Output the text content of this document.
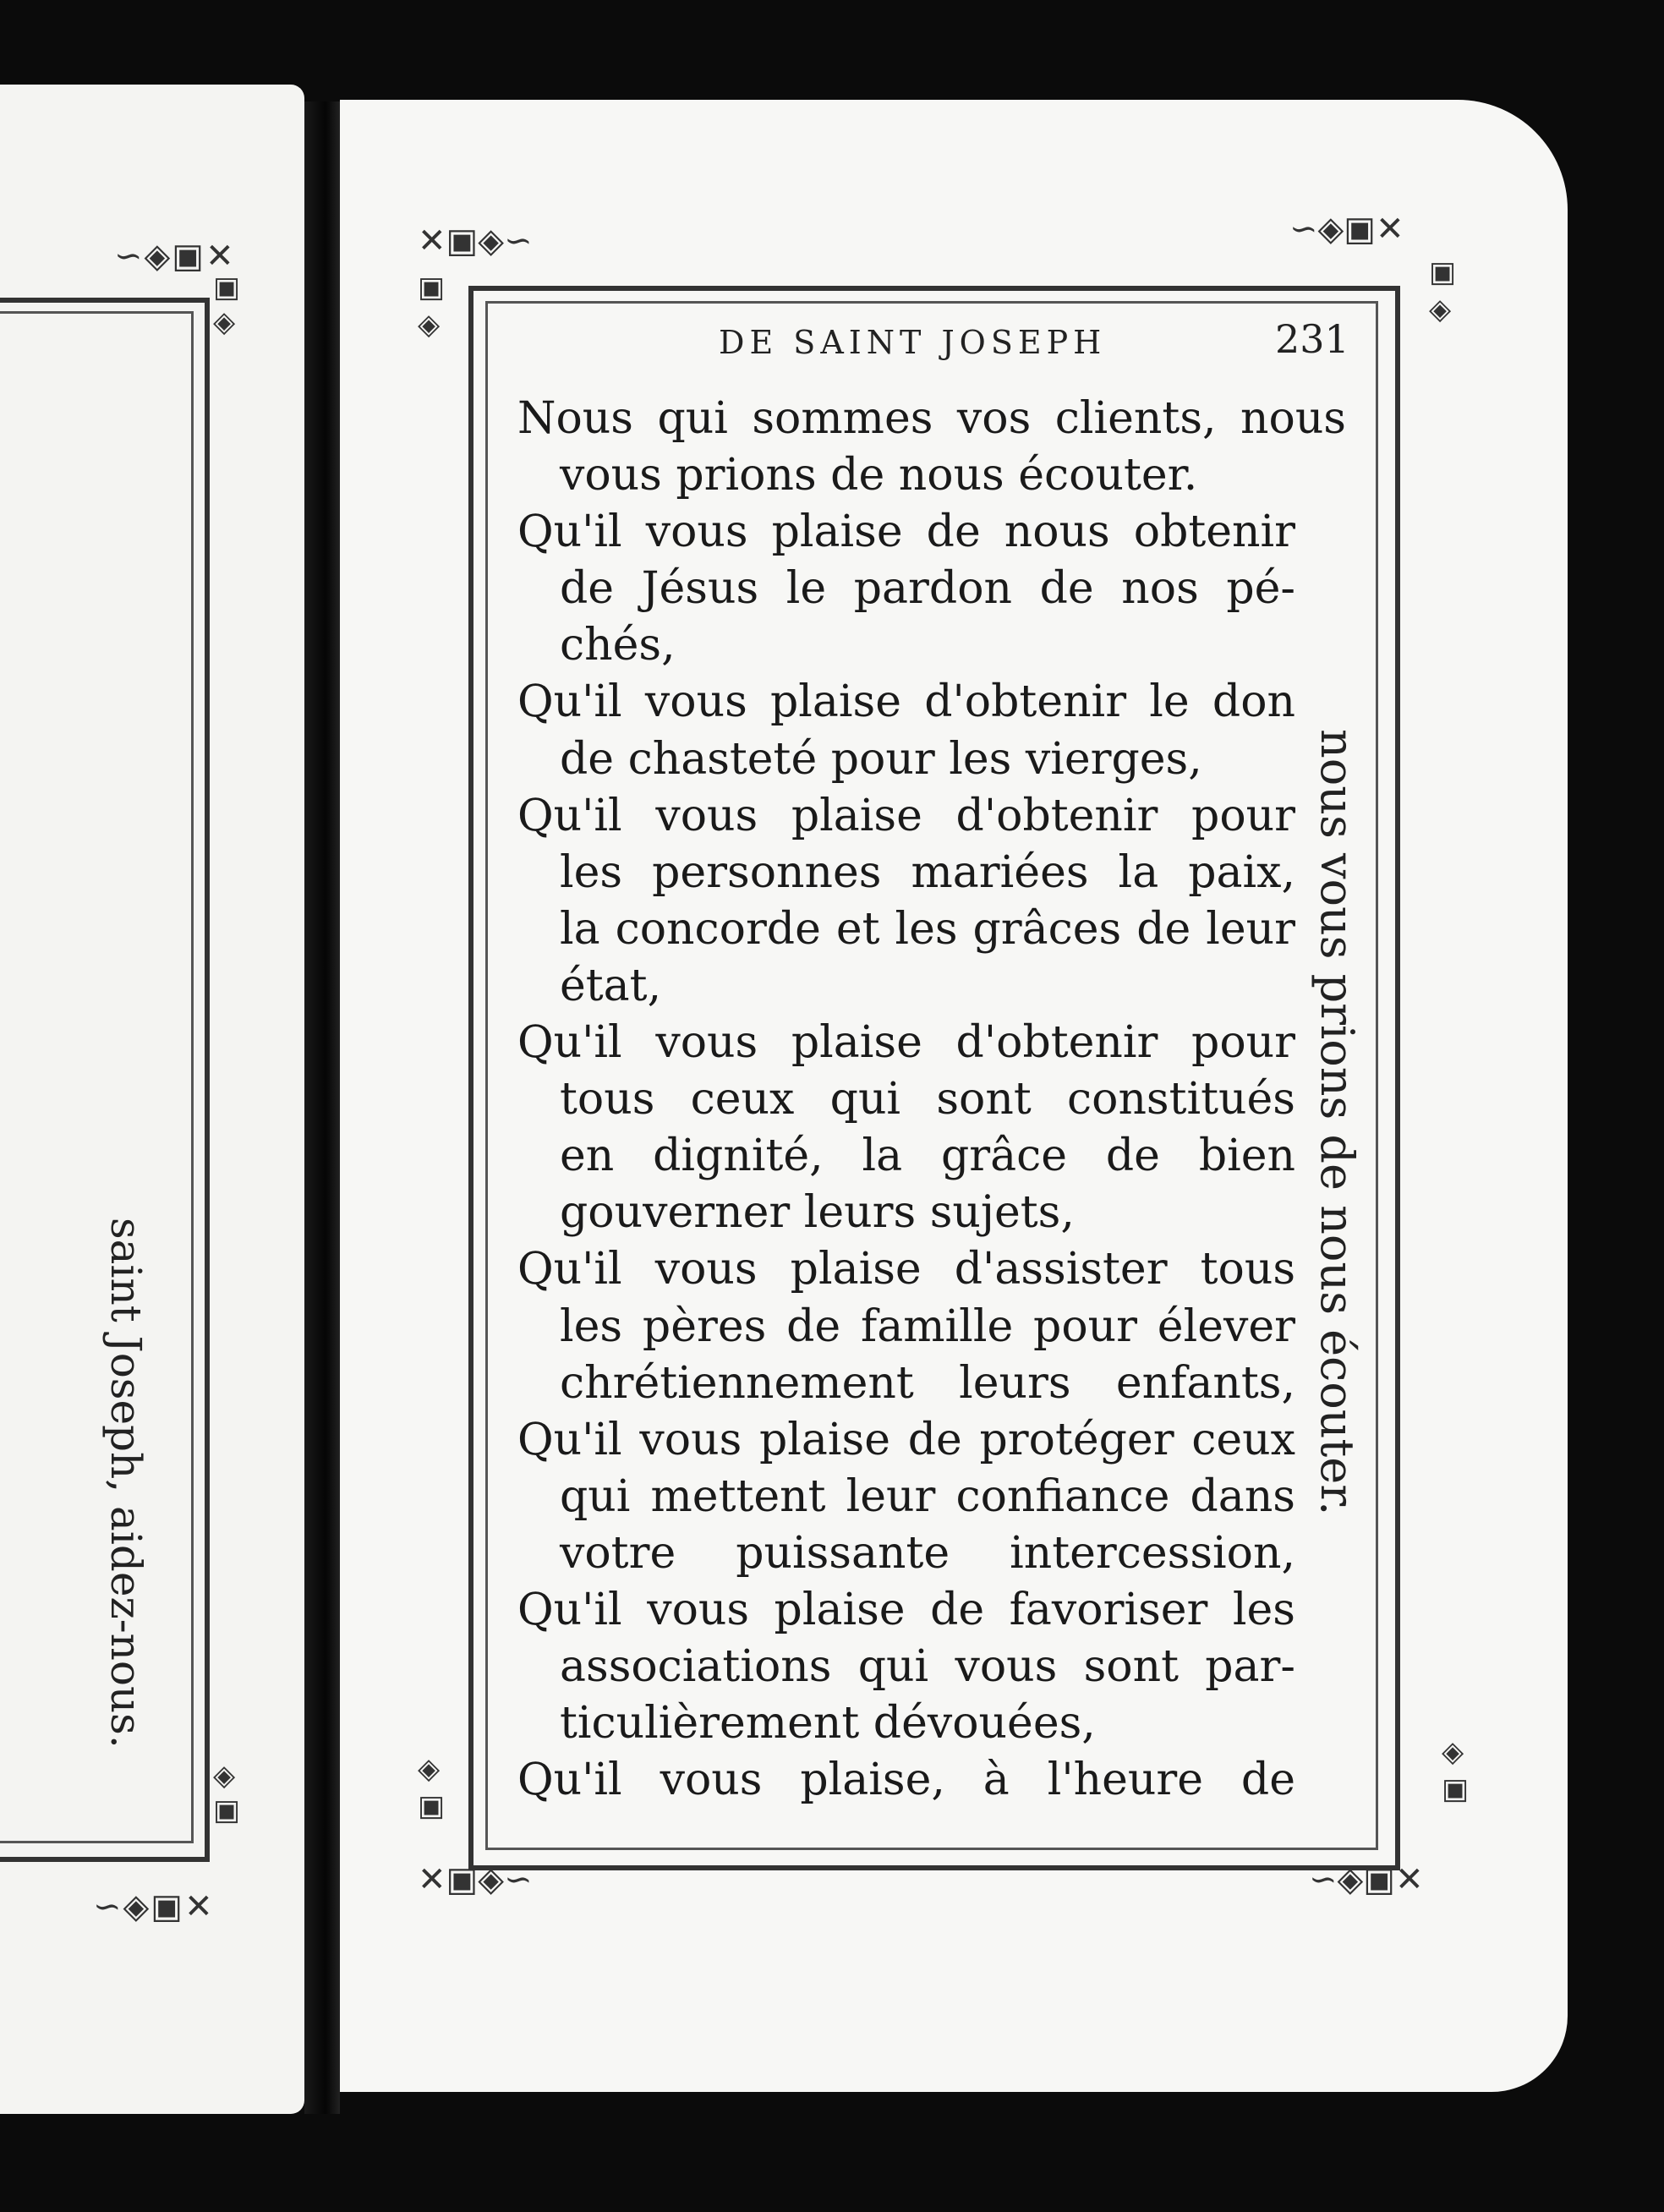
∽◈▣✕
▣
◈
∽◈▣✕
◈
▣
saint Joseph, aidez-nous.
✕▣◈∽
▣
◈
∽◈▣✕
▣
◈
✕▣◈∽
◈
▣
∽◈▣✕
◈
▣
DE SAINT JOSEPH	231
Nous qui sommes vos clients, nous
vous prions de nous écouter.
Qu'il vous plaise de nous obtenir
de Jésus le pardon de nos pé-
chés,
Qu'il vous plaise d'obtenir le don
de chasteté pour les vierges,
Qu'il vous plaise d'obtenir pour
les personnes mariées la paix,
la concorde et les grâces de leur
état,
Qu'il vous plaise d'obtenir pour
tous ceux qui sont constitués
en dignité, la grâce de bien
gouverner leurs sujets,
Qu'il vous plaise d'assister tous
les pères de famille pour élever
chrétiennement leurs enfants,
Qu'il vous plaise de protéger ceux
qui mettent leur confiance dans
votre puissante intercession,
Qu'il vous plaise de favoriser les
associations qui vous sont par-
ticulièrement dévouées,
Qu'il vous plaise, à l'heure de
nous vous prions de nous écouter.
